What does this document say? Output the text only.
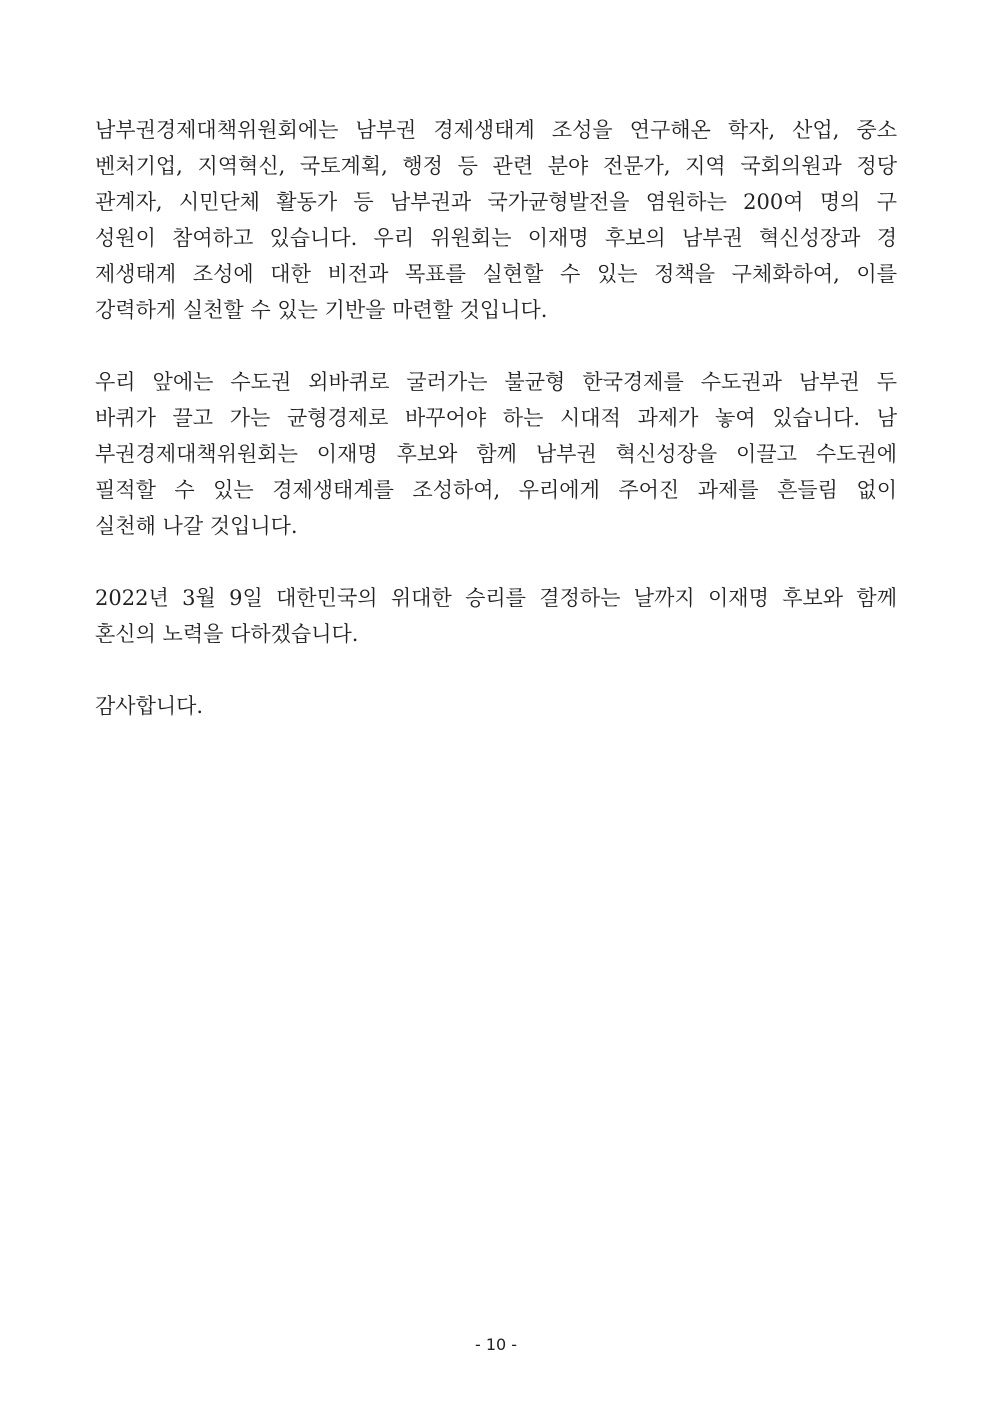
남부권경제대책위원회에는 남부권 경제생태계 조성을 연구해온 학자, 산업, 중소
벤처기업, 지역혁신, 국토계획, 행정 등 관련 분야 전문가, 지역 국회의원과 정당
관계자, 시민단체 활동가 등 남부권과 국가균형발전을 염원하는 200여 명의 구
성원이 참여하고 있습니다. 우리 위원회는 이재명 후보의 남부권 혁신성장과 경
제생태계 조성에 대한 비전과 목표를 실현할 수 있는 정책을 구체화하여, 이를
강력하게 실천할 수 있는 기반을 마련할 것입니다.
우리 앞에는 수도권 외바퀴로 굴러가는 불균형 한국경제를 수도권과 남부권 두
바퀴가 끌고 가는 균형경제로 바꾸어야 하는 시대적 과제가 놓여 있습니다. 남
부권경제대책위원회는 이재명 후보와 함께 남부권 혁신성장을 이끌고 수도권에
필적할 수 있는 경제생태계를 조성하여, 우리에게 주어진 과제를 흔들림 없이
실천해 나갈 것입니다.
2022년 3월 9일 대한민국의 위대한 승리를 결정하는 날까지 이재명 후보와 함께
혼신의 노력을 다하겠습니다.
감사합니다.
- 10 -
